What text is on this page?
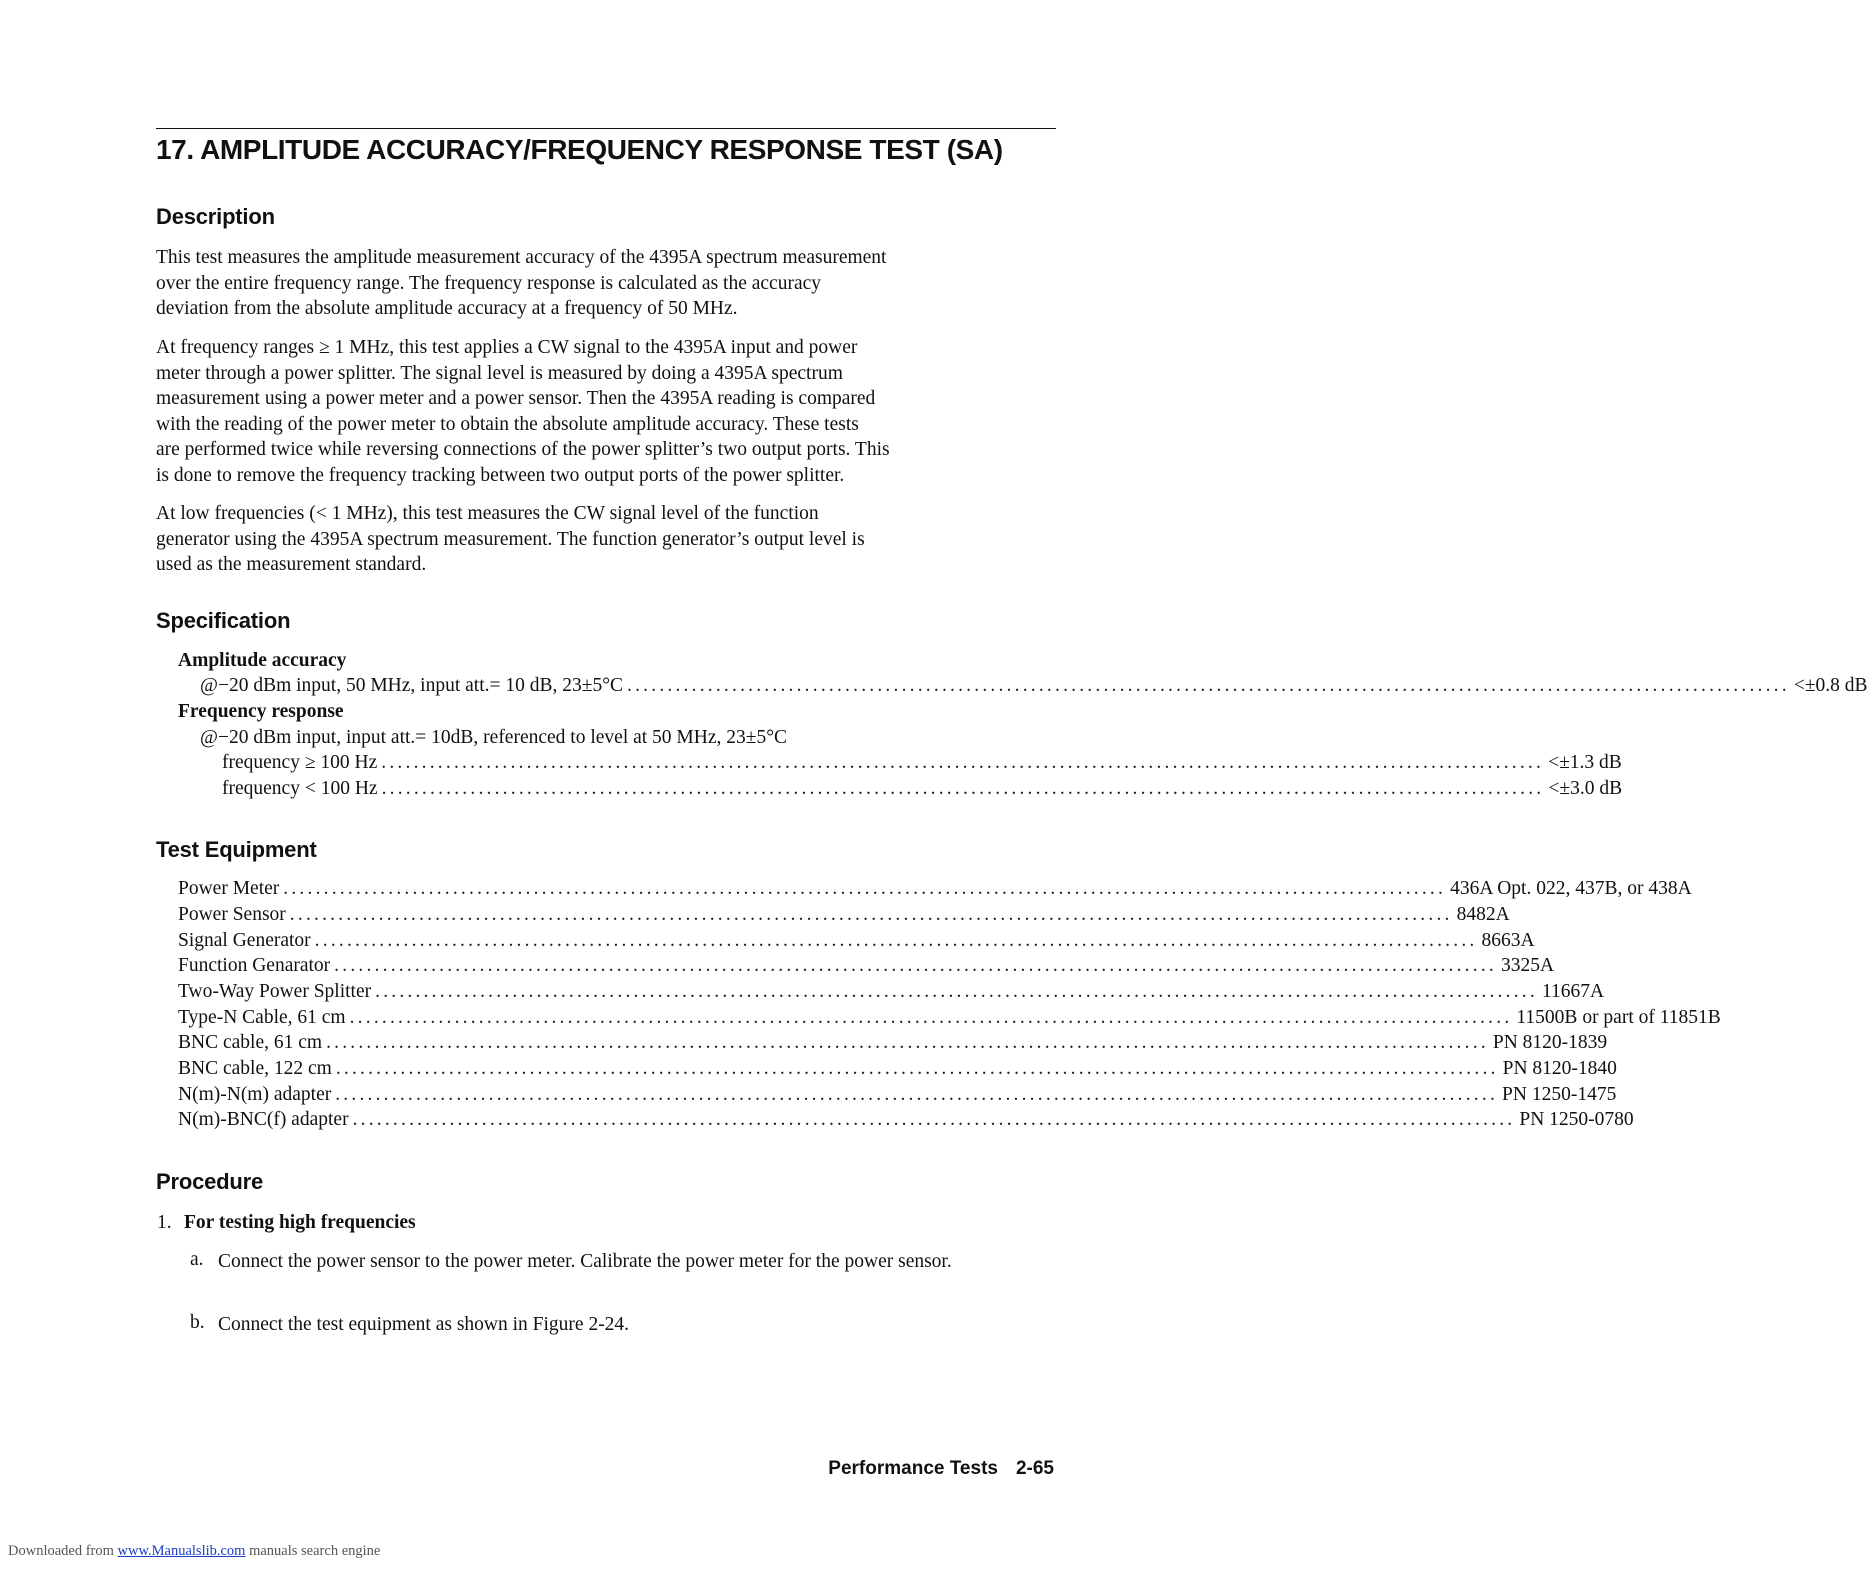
17. AMPLITUDE ACCURACY/FREQUENCY RESPONSE TEST (SA)
Description

This test measures the amplitude measurement accuracy of the 4395A spectrum measurement
over the entire frequency range. The frequency response is calculated as the accuracy
deviation from the absolute amplitude accuracy at a frequency of 50 MHz.

At frequency ranges ≥ 1 MHz, this test applies a CW signal to the 4395A input and power
meter through a power splitter. The signal level is measured by doing a 4395A spectrum
measurement using a power meter and a power sensor. Then the 4395A reading is compared
with the reading of the power meter to obtain the absolute amplitude accuracy. These tests
are performed twice while reversing connections of the power splitter’s two output ports. This
is done to remove the frequency tracking between two output ports of the power splitter.

At low frequencies (< 1 MHz), this test measures the CW signal level of the function
generator using the 4395A spectrum measurement. The function generator’s output level is
used as the measurement standard.

Specification
Amplitude accuracy
@−20 dBm input, 50 MHz, input att.= 10 dB, 23±5°C ................................................................................................................................................ <±0.8 dB
Frequency response
@−20 dBm input, input att.= 10dB, referenced to level at 50 MHz, 23±5°C
frequency ≥ 100 Hz ................................................................................................................................................ <±1.3 dB
frequency < 100 Hz ................................................................................................................................................ <±3.0 dB
Test Equipment
Power Meter ................................................................................................................................................ 436A Opt. 022, 437B, or 438A
Power Sensor ................................................................................................................................................ 8482A
Signal Generator ................................................................................................................................................ 8663A
Function Genarator ................................................................................................................................................ 3325A
Two-Way Power Splitter ................................................................................................................................................ 11667A
Type-N Cable, 61 cm ................................................................................................................................................ 11500B or part of 11851B
BNC cable, 61 cm ................................................................................................................................................ PN 8120-1839
BNC cable, 122 cm ................................................................................................................................................ PN 8120-1840
N(m)-N(m) adapter ................................................................................................................................................ PN 1250-1475
N(m)-BNC(f) adapter ................................................................................................................................................ PN 1250-0780
Procedure
1. For testing high frequencies
a. Connect the power sensor to the power meter. Calibrate the power meter for the power sensor.
b. Connect the test equipment as shown in Figure 2-24.
Performance Tests 2-65
Downloaded from www.Manualslib.com manuals search engine
